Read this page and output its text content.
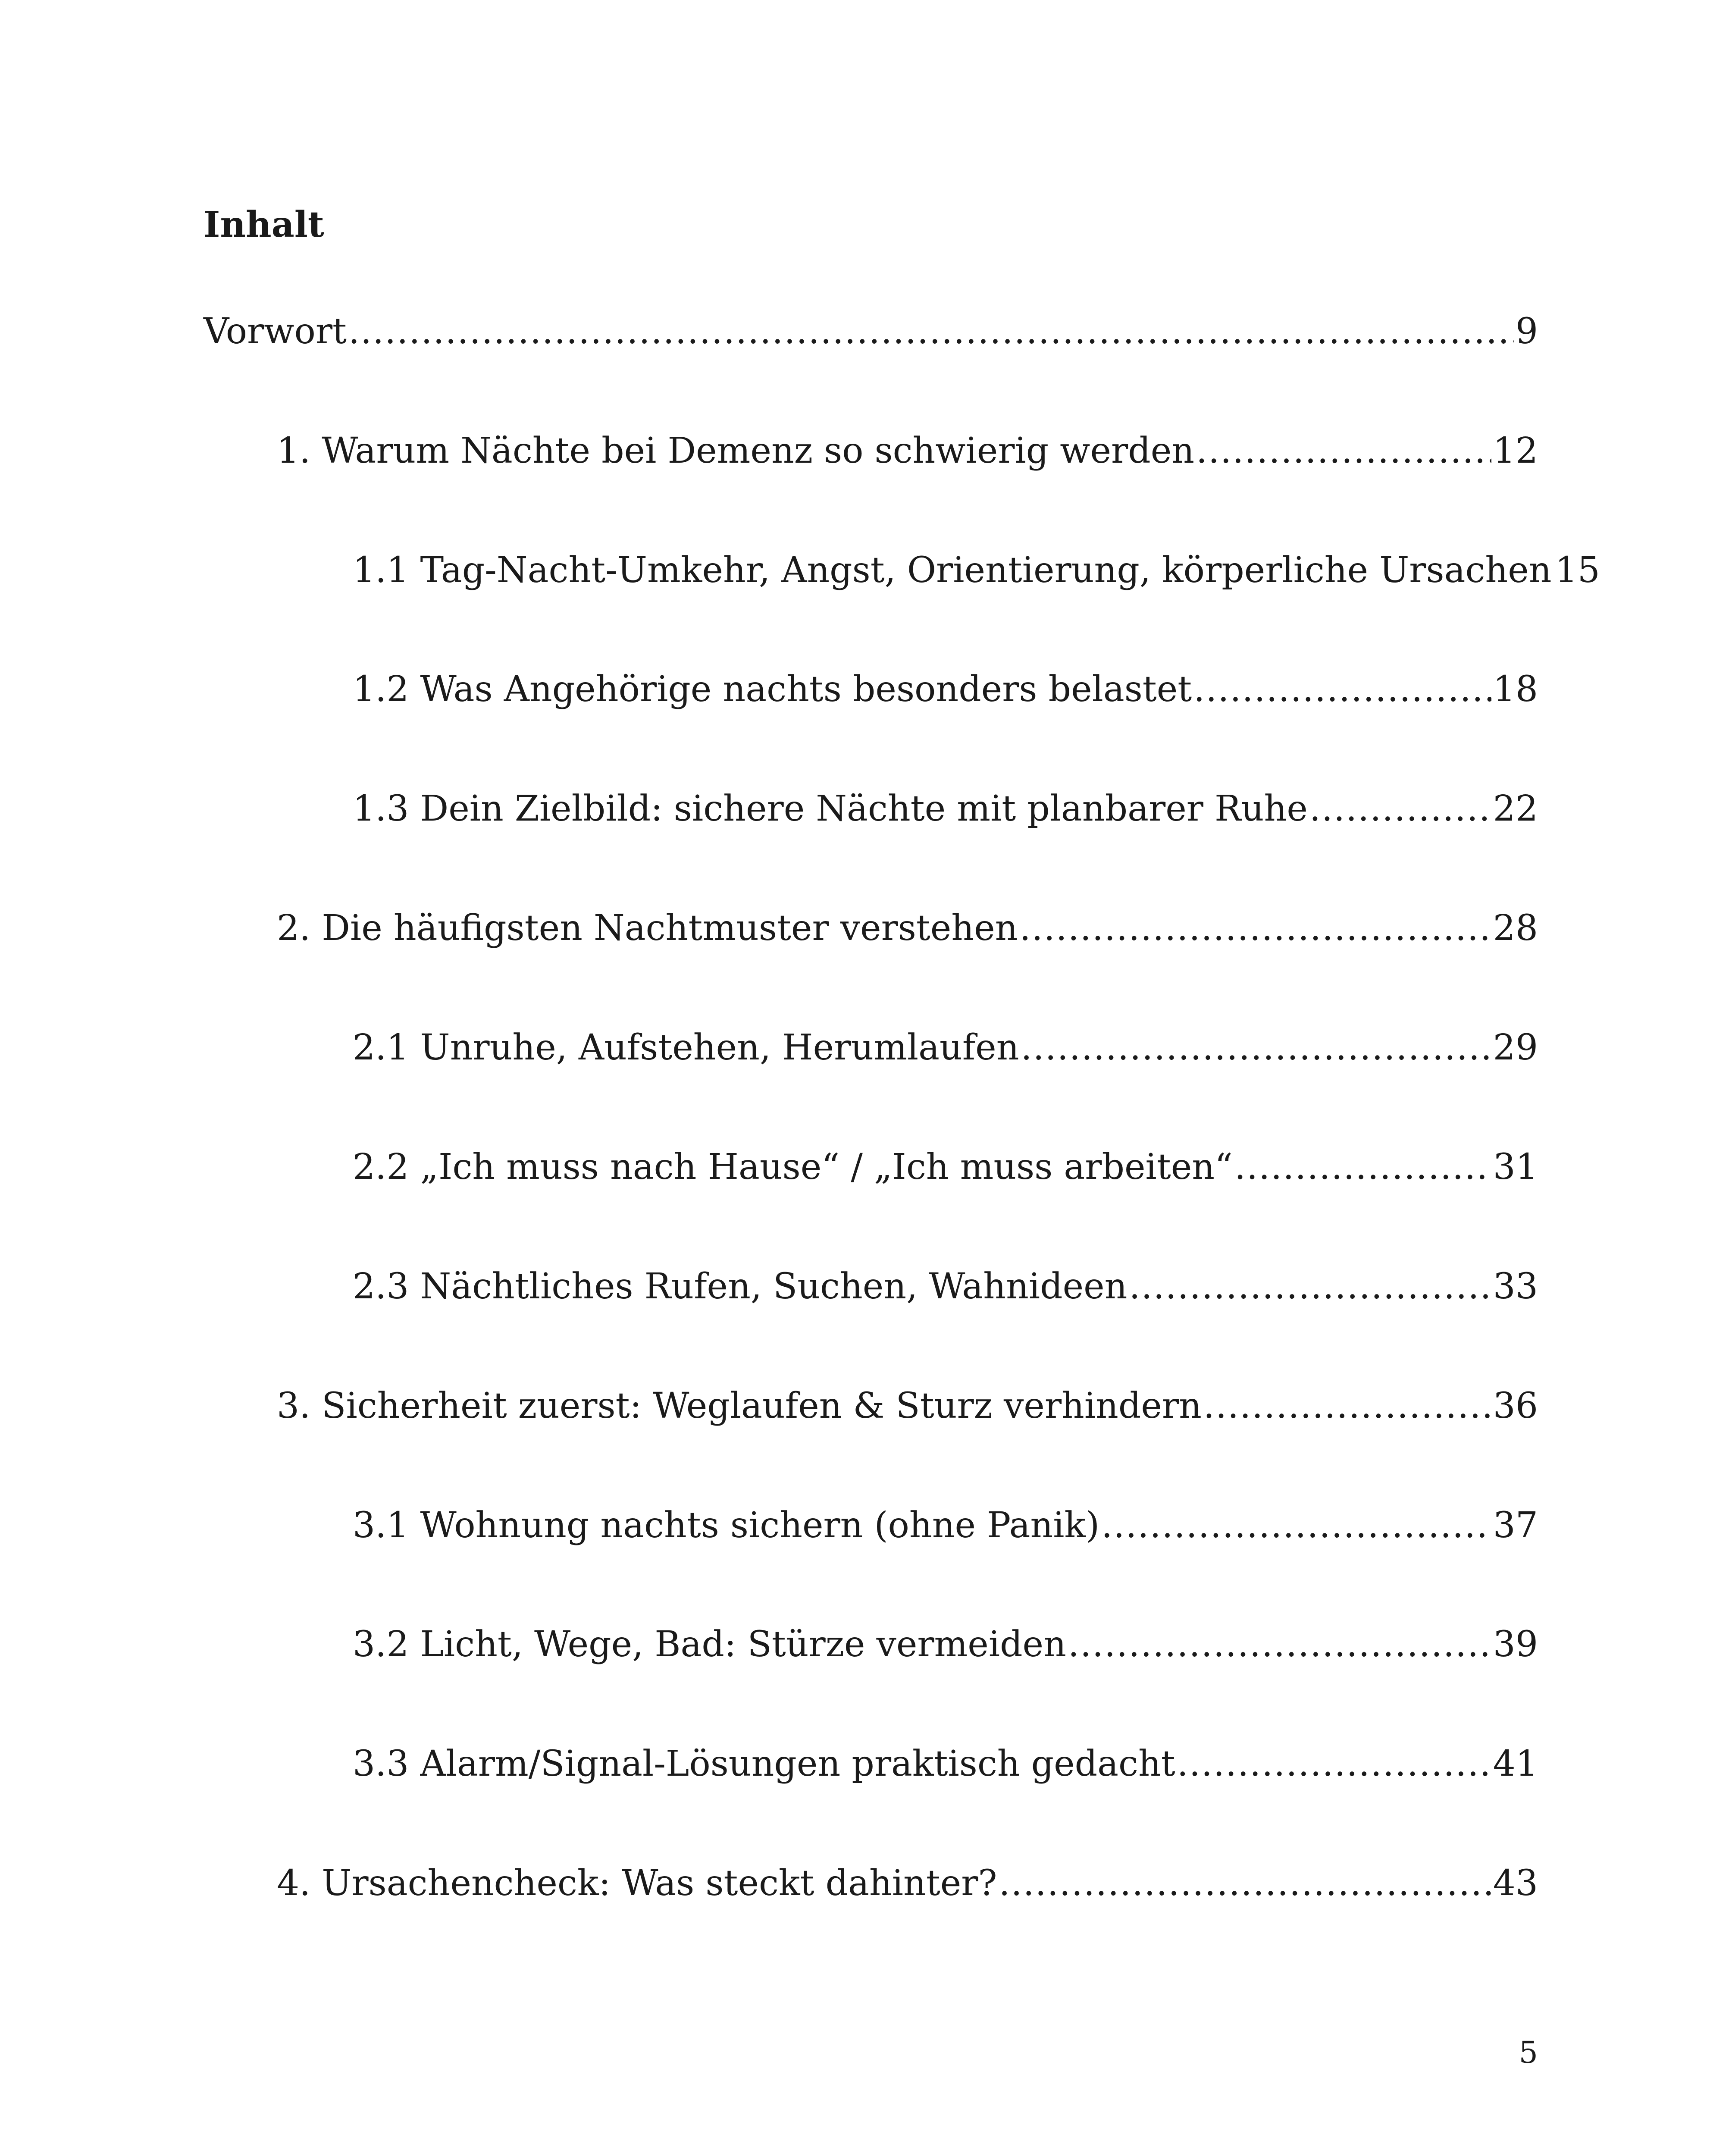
Inhalt
Vorwort .....	9
1. Warum Nächte bei Demenz so schwierig werden .....	12
1.1 Tag-Nacht-Umkehr, Angst, Orientierung, körperliche Ursachen 15
1.2 Was Angehörige nachts besonders belastet .....	18
1.3 Dein Zielbild: sichere Nächte mit planbarer Ruhe .....	22
2. Die häufigsten Nachtmuster verstehen .....	28
2.1 Unruhe, Aufstehen, Herumlaufen .....	29
2.2 „Ich muss nach Hause“ / „Ich muss arbeiten“ .....	31
2.3 Nächtliches Rufen, Suchen, Wahnideen .....	33
3. Sicherheit zuerst: Weglaufen & Sturz verhindern .....	36
3.1 Wohnung nachts sichern (ohne Panik) .....	37
3.2 Licht, Wege, Bad: Stürze vermeiden .....	39
3.3 Alarm/Signal-Lösungen praktisch gedacht .....	41
4. Ursachencheck: Was steckt dahinter? .....	43
5
